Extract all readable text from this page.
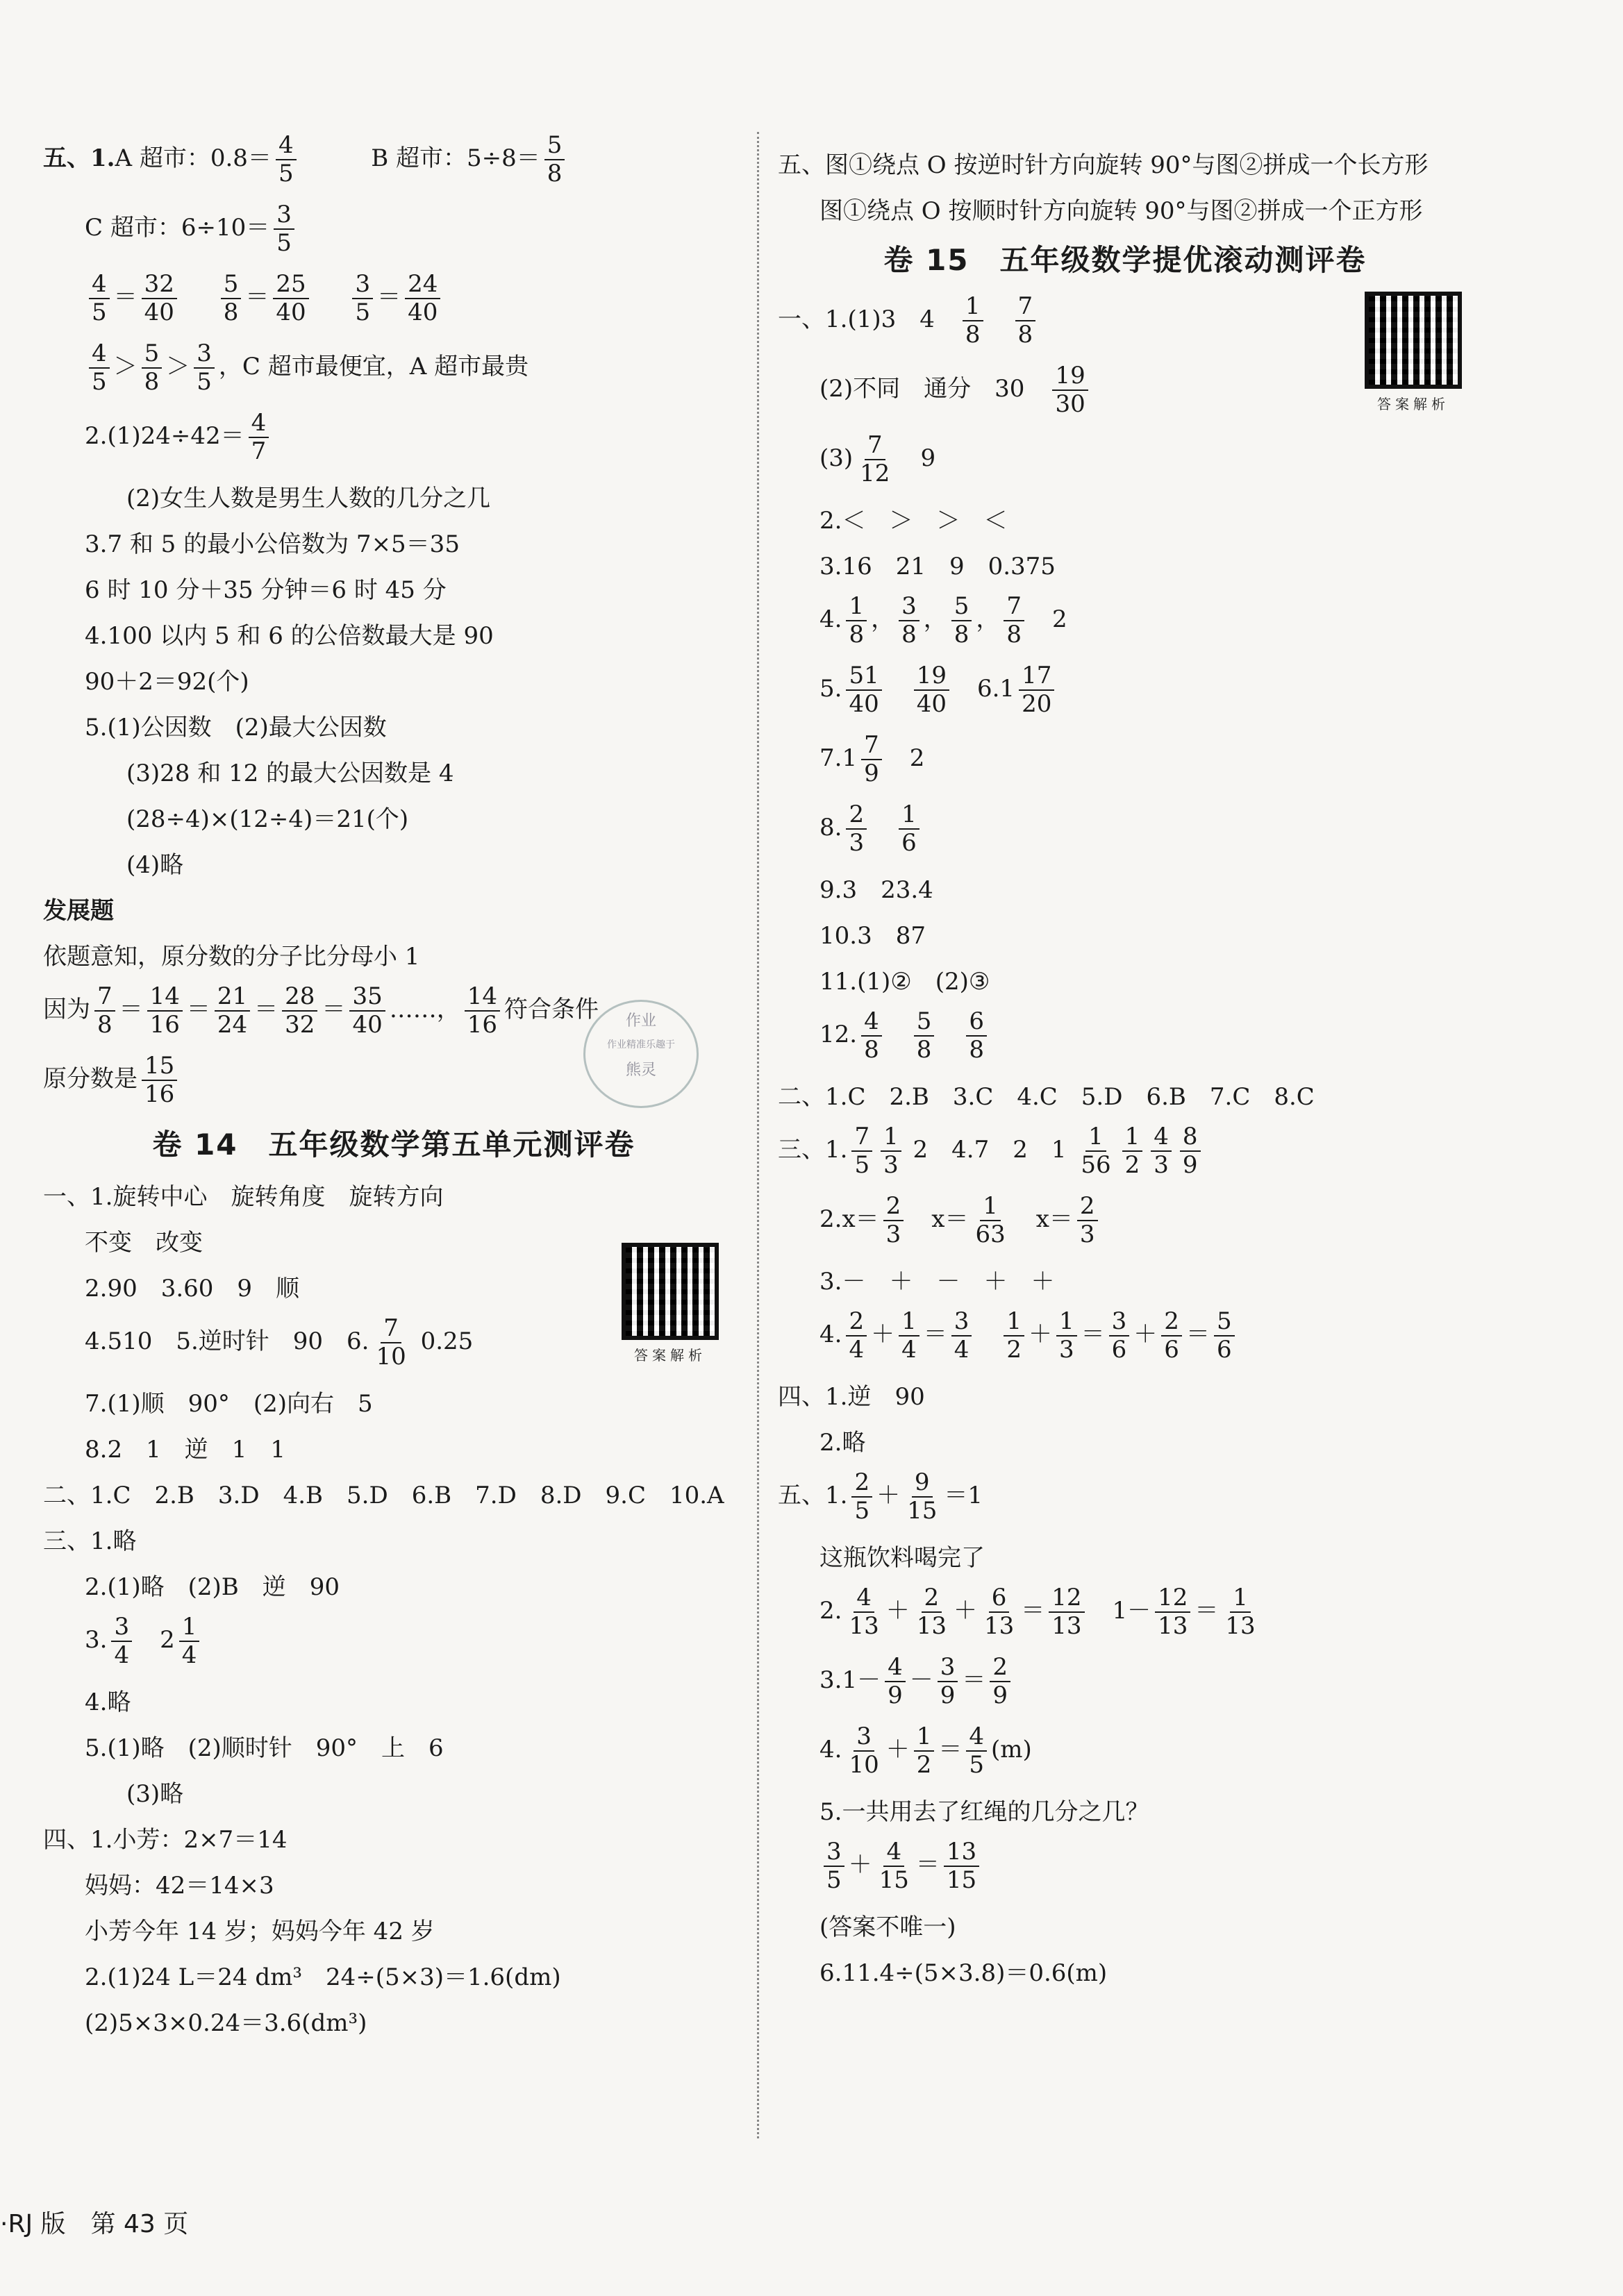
五、1.A 超市：$0.8= \frac{4}{5}$	B 超市：$5\div 8= \frac{5}{8}$
C 超市：$6\div 10= \frac{3}{5}$
$\frac{4}{5} = \frac{32}{40}$
$\frac{5}{8} = \frac{25}{40}$
$\frac{3}{5} = \frac{24}{40}$
$\frac{4}{5} > \frac{5}{8} > \frac{3}{5}$ ，C 超市最便宜，A 超市最贵
$2.(1)24\div 42= \frac{4}{7}$
(2)女生人数是男生人数的几分之几
3.7 和 5 的最小公倍数为 7×5＝35
6 时 10 分＋35 分钟＝6 时 45 分
4.100 以内 5 和 6 的公倍数最大是 90
90＋2＝92(个)
5.(1)公因数　(2)最大公因数
(3)28 和 12 的最大公因数是 4
(28÷4)×(12÷4)＝21(个)
(4)略
发展题
依题意知，原分数的分子比分母小 1
因为 $\frac{7}{8} = \frac{14}{16} = \frac{21}{24} = \frac{28}{32} = \frac{35}{40}$ ……， $\frac{14}{16}$ 符合条件
原分数是 $\frac{15}{16}$
卷 14　五年级数学第五单元测评卷
一、1.旋转中心　旋转角度　旋转方向
不变　改变
2.90　3.60　9　顺
4.510　5.逆时针　90　6. $\frac{7}{10} 0.25$
7.(1)顺　90°　(2)向右　5
8.2　1　逆　1　1
二、1.C　2.B　3.D　4.B　5.D　6.B　7.D　8.D　9.C　10.A
三、1.略
2.(1)略　(2)B　逆　90
3. $\frac{3}{4}$ 　$2 \frac{1}{4}$
4.略
5.(1)略　(2)顺时针　90°　上　6
(3)略
四、1.小芳：2×7＝14
妈妈：42＝14×3
小芳今年 14 岁；妈妈今年 42 岁
2.(1)24 L＝24 dm³　24÷(5×3)＝1.6(dm)
(2)5×3×0.24＝3.6(dm³)
答案解析
作业
作业精准乐趣于
熊灵
五、图①绕点 O 按逆时针方向旋转 90°与图②拼成一个长方形
图①绕点 O 按顺时针方向旋转 90°与图②拼成一个正方形
卷 15　五年级数学提优滚动测评卷
一、1.(1)3　4　 $\frac{1}{8}$
　 $\frac{7}{8}$
(2)不同　通分　30　 $\frac{19}{30}$
$(3) \frac{7}{12}$
　 9
2.＜　＞　＞　＜
3.16　21　9　0.375
4. $\frac{1}{8}$ ， $\frac{3}{8}$ ， $\frac{5}{8}$ ， $\frac{7}{8}$
　 2
5. $\frac{51}{40}$
　 $\frac{19}{40}$
　 $6.1 \frac{17}{20}$
$7.1 \frac{7}{9}$
　 2
8. $\frac{2}{3}$
　 $\frac{1}{6}$
9.3　23.4
10.3　87
11.(1)②　(2)③
12. $\frac{4}{8}$
　 $\frac{5}{8}$
　 $\frac{6}{8}$
二、1.C　2.B　3.C　4.C　5.D　6.B　7.C　8.C
三、1. $\frac{7}{5} \frac{1}{3} 2$　4.7　2　$1 \frac{1}{56} \frac{1}{2} \frac{4}{3} \frac{8}{9}$
$2.x= \frac{2}{3}$ 　$x= \frac{1}{63}$ 　$x= \frac{2}{3}$
3.－　＋　－　＋　＋
4. $\frac{2}{4} + \frac{1}{4} = \frac{3}{4}$
　 $\frac{1}{2} + \frac{1}{3} = \frac{3}{6} + \frac{2}{6} = \frac{5}{6}$
四、1.逆　90
2.略
五、1. $\frac{2}{5} + \frac{9}{15} =1$
这瓶饮料喝完了
2. $\frac{4}{13} + \frac{2}{13} + \frac{6}{13} = \frac{12}{13}$ 　$1- \frac{12}{13} = \frac{1}{13}$
$3.1- \frac{4}{9} - \frac{3}{9} = \frac{2}{9}$
4. $\frac{3}{10} + \frac{1}{2} = \frac{4}{5} (m)$
5.一共用去了红绳的几分之几？
$\frac{3}{5} + \frac{4}{15} = \frac{13}{15}$
(答案不唯一)
6.11.4÷(5×3.8)＝0.6(m)
答案解析
·RJ 版　第 43 页
